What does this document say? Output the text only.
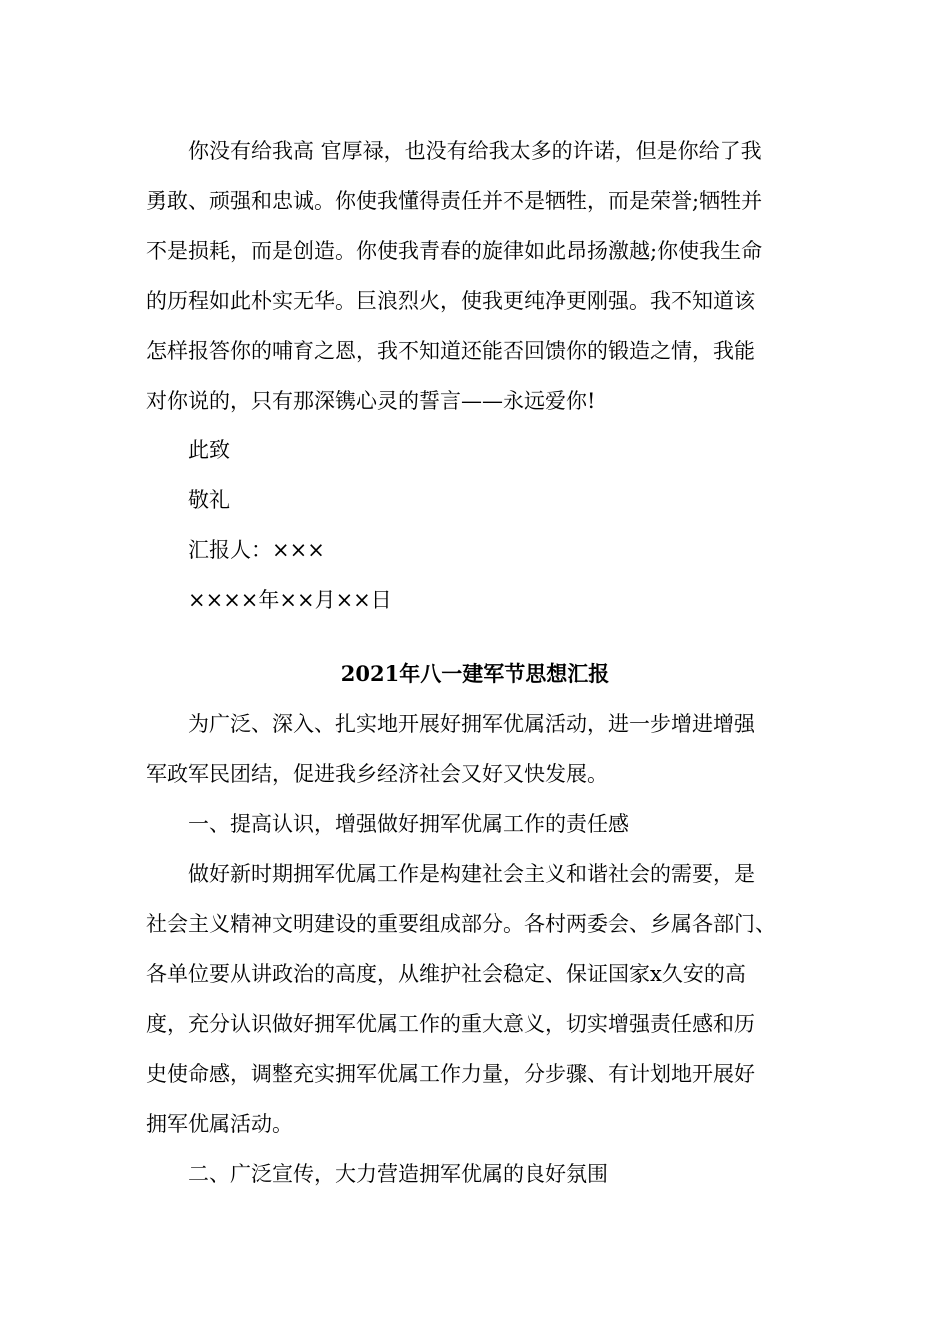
　　你没有给我高 官厚禄，也没有给我太多的许诺，但是你给了我
勇敢、顽强和忠诚。你使我懂得责任并不是牺牲，而是荣誉;牺牲并
不是损耗，而是创造。你使我青春的旋律如此昂扬激越;你使我生命
的历程如此朴实无华。巨浪烈火，使我更纯净更刚强。我不知道该
怎样报答你的哺育之恩，我不知道还能否回馈你的锻造之情，我能
对你说的，只有那深镌心灵的誓言——永远爱你!
　　此致
　　敬礼
　　汇报人：×××
　　××××年××月××日
2021年八一建军节思想汇报
　　为广泛、深入、扎实地开展好拥军优属活动，进一步增进增强
军政军民团结，促进我乡经济社会又好又快发展。
　　一、提高认识，增强做好拥军优属工作的责任感
　　做好新时期拥军优属工作是构建社会主义和谐社会的需要，是
社会主义精神文明建设的重要组成部分。各村两委会、乡属各部门、
各单位要从讲政治的高度，从维护社会稳定、保证国家x久安的高
度，充分认识做好拥军优属工作的重大意义，切实增强责任感和历
史使命感，调整充实拥军优属工作力量，分步骤、有计划地开展好
拥军优属活动。
　　二、广泛宣传，大力营造拥军优属的良好氛围
